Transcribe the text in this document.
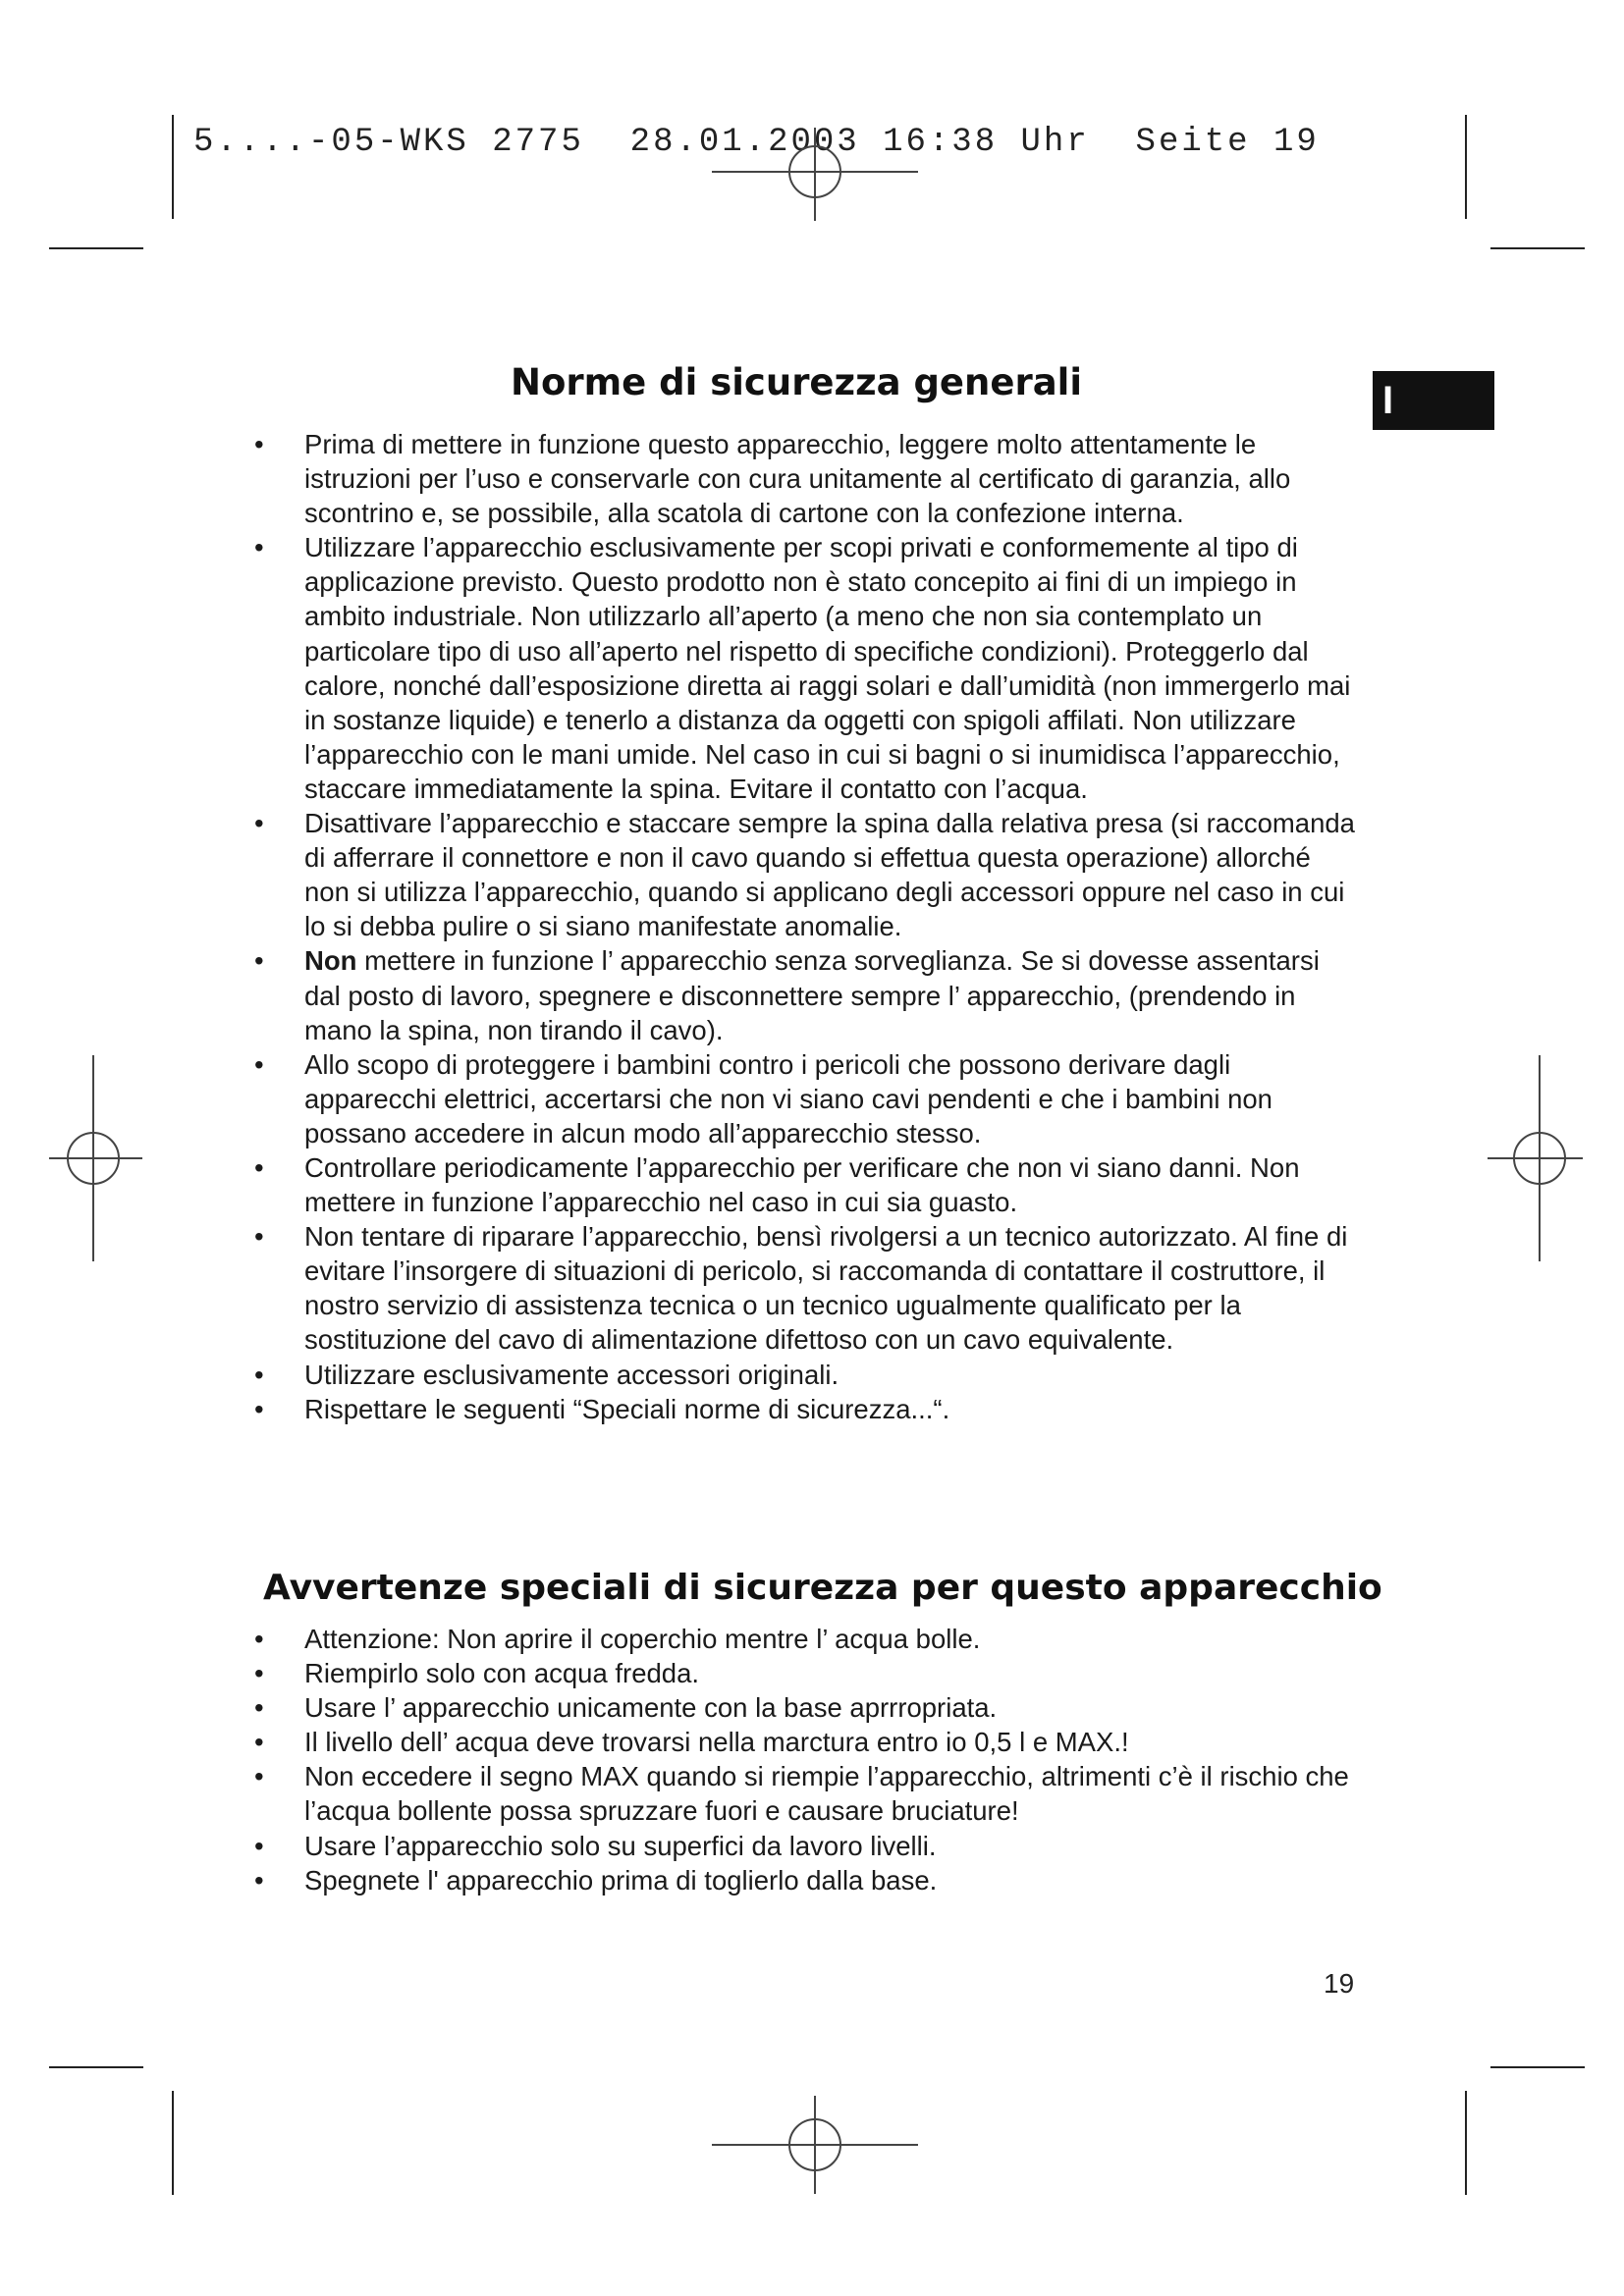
5....-05-WKS 2775  28.01.2003 16:38 Uhr  Seite 19
I
Norme di sicurezza generali
• Prima di mettere in funzione questo apparecchio, leggere molto attentamente le istruzioni per l’uso e conservarle con cura unitamente al certificato di garanzia, allo scontrino e, se possibile, alla scatola di cartone con la confezione interna.
• Utilizzare l’apparecchio esclusivamente per scopi privati e conformemente al tipo di applicazione previsto. Questo prodotto non è stato concepito ai fini di un impiego in ambito industriale. Non utilizzarlo all’aperto (a meno che non sia contemplato un particolare tipo di uso all’aperto nel rispetto di specifiche condizioni). Proteggerlo dal calore, nonché dall’esposizione diretta ai raggi solari e dall’umidità (non immergerlo mai in sostanze liquide) e tenerlo a distanza da oggetti con spigoli affilati. Non utilizzare l’apparecchio con le mani umide. Nel caso in cui si bagni o si inumidisca l’apparecchio, staccare immediatamente la spina. Evitare il contatto con l’acqua.
• Disattivare l’apparecchio e staccare sempre la spina dalla relativa presa (si raccomanda di afferrare il connettore e non il cavo quando si effettua questa operazione) allorché non si utilizza l’apparecchio, quando si applicano degli accessori oppure nel caso in cui lo si debba pulire o si siano manifestate anomalie.
• Non mettere in funzione l’ apparecchio senza sorveglianza. Se si dovesse assentarsi dal posto di lavoro, spegnere e disconnettere sempre l’ apparecchio, (prendendo in mano la spina, non tirando il cavo).
• Allo scopo di proteggere i bambini contro i pericoli che possono derivare dagli apparecchi elettrici, accertarsi che non vi siano cavi pendenti e che i bambini non possano accedere in alcun modo all’apparecchio stesso.
• Controllare periodicamente l’apparecchio per verificare che non vi siano danni. Non mettere in funzione l’apparecchio nel caso in cui sia guasto.
• Non tentare di riparare l’apparecchio, bensì rivolgersi a un tecnico autorizzato. Al fine di evitare l’insorgere di situazioni di pericolo, si raccomanda di contattare il costruttore, il nostro servizio di assistenza tecnica o un tecnico ugualmente qualificato per la sostituzione del cavo di alimentazione difettoso con un cavo equivalente.
• Utilizzare esclusivamente accessori originali.
• Rispettare le seguenti “Speciali norme di sicurezza...“.
Avvertenze speciali di sicurezza per questo apparecchio
• Attenzione: Non aprire il coperchio mentre l’ acqua bolle.
• Riempirlo solo con acqua fredda.
• Usare l’ apparecchio unicamente con la base aprrropriata.
• Il livello dell’ acqua deve trovarsi nella marctura entro io 0,5 l e MAX.!
• Non eccedere il segno MAX quando si riempie l’apparecchio, altrimenti c’è il rischio che l’acqua bollente possa spruzzare fuori e causare bruciature!
• Usare l’apparecchio solo su superfici da lavoro livelli.
• Spegnete l' apparecchio prima di toglierlo dalla base.
19
